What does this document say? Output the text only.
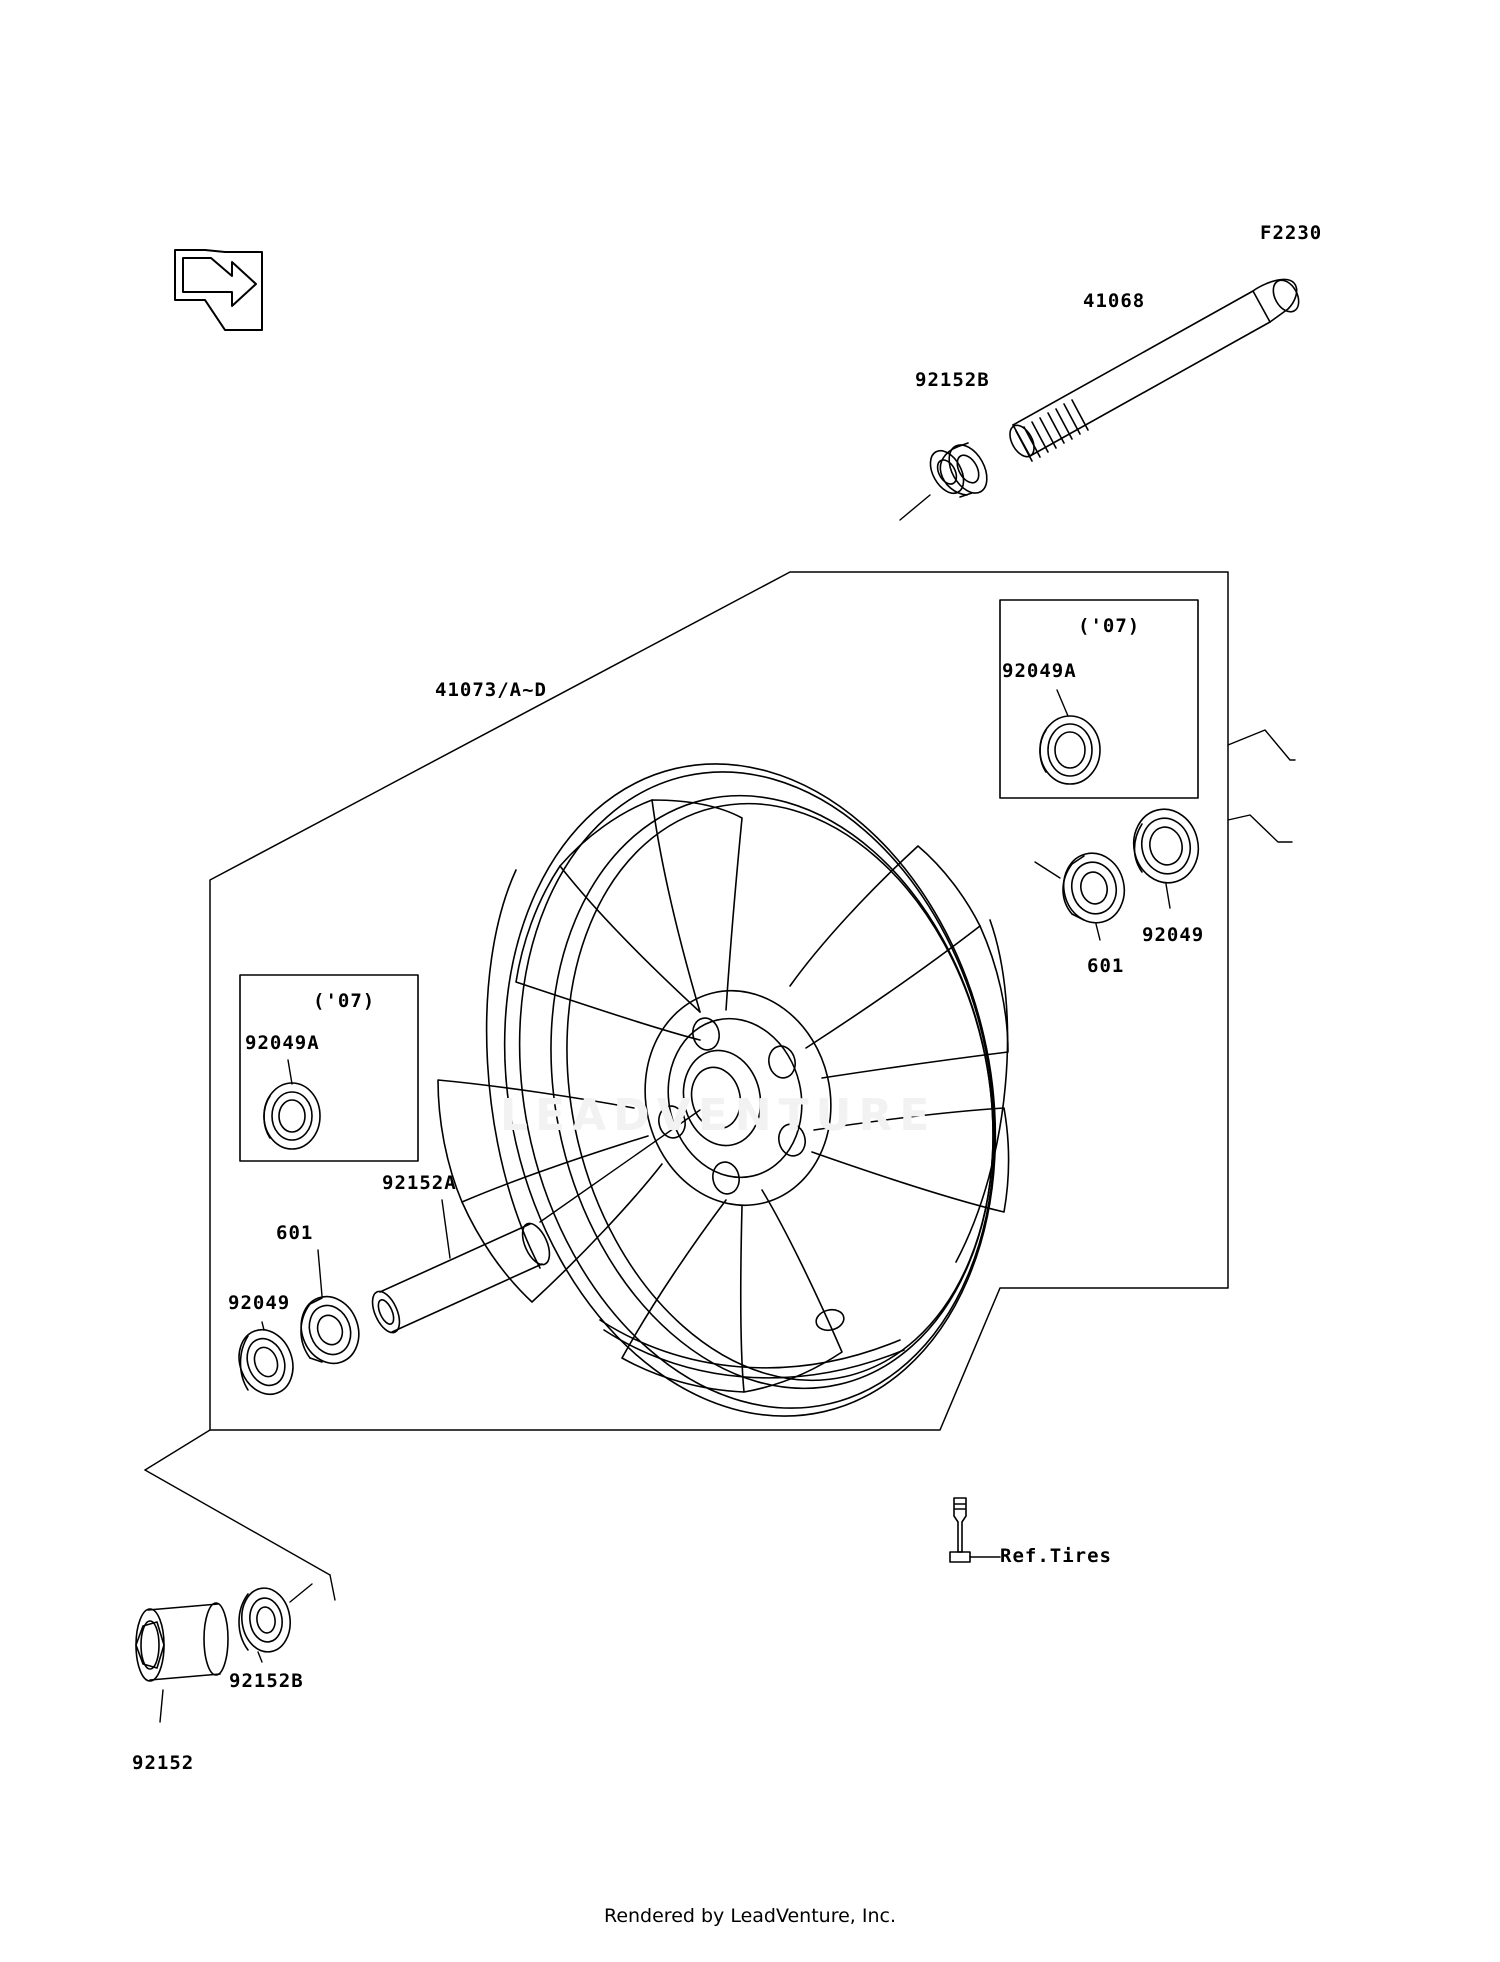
LEADVENTURE
F2230
41068
92152B
41073/A~D
('07)
92049A
92049
601
('07)
92049A
92152A
601
92049
Ref.Tires
92152B
92152
Rendered by LeadVenture, Inc.
